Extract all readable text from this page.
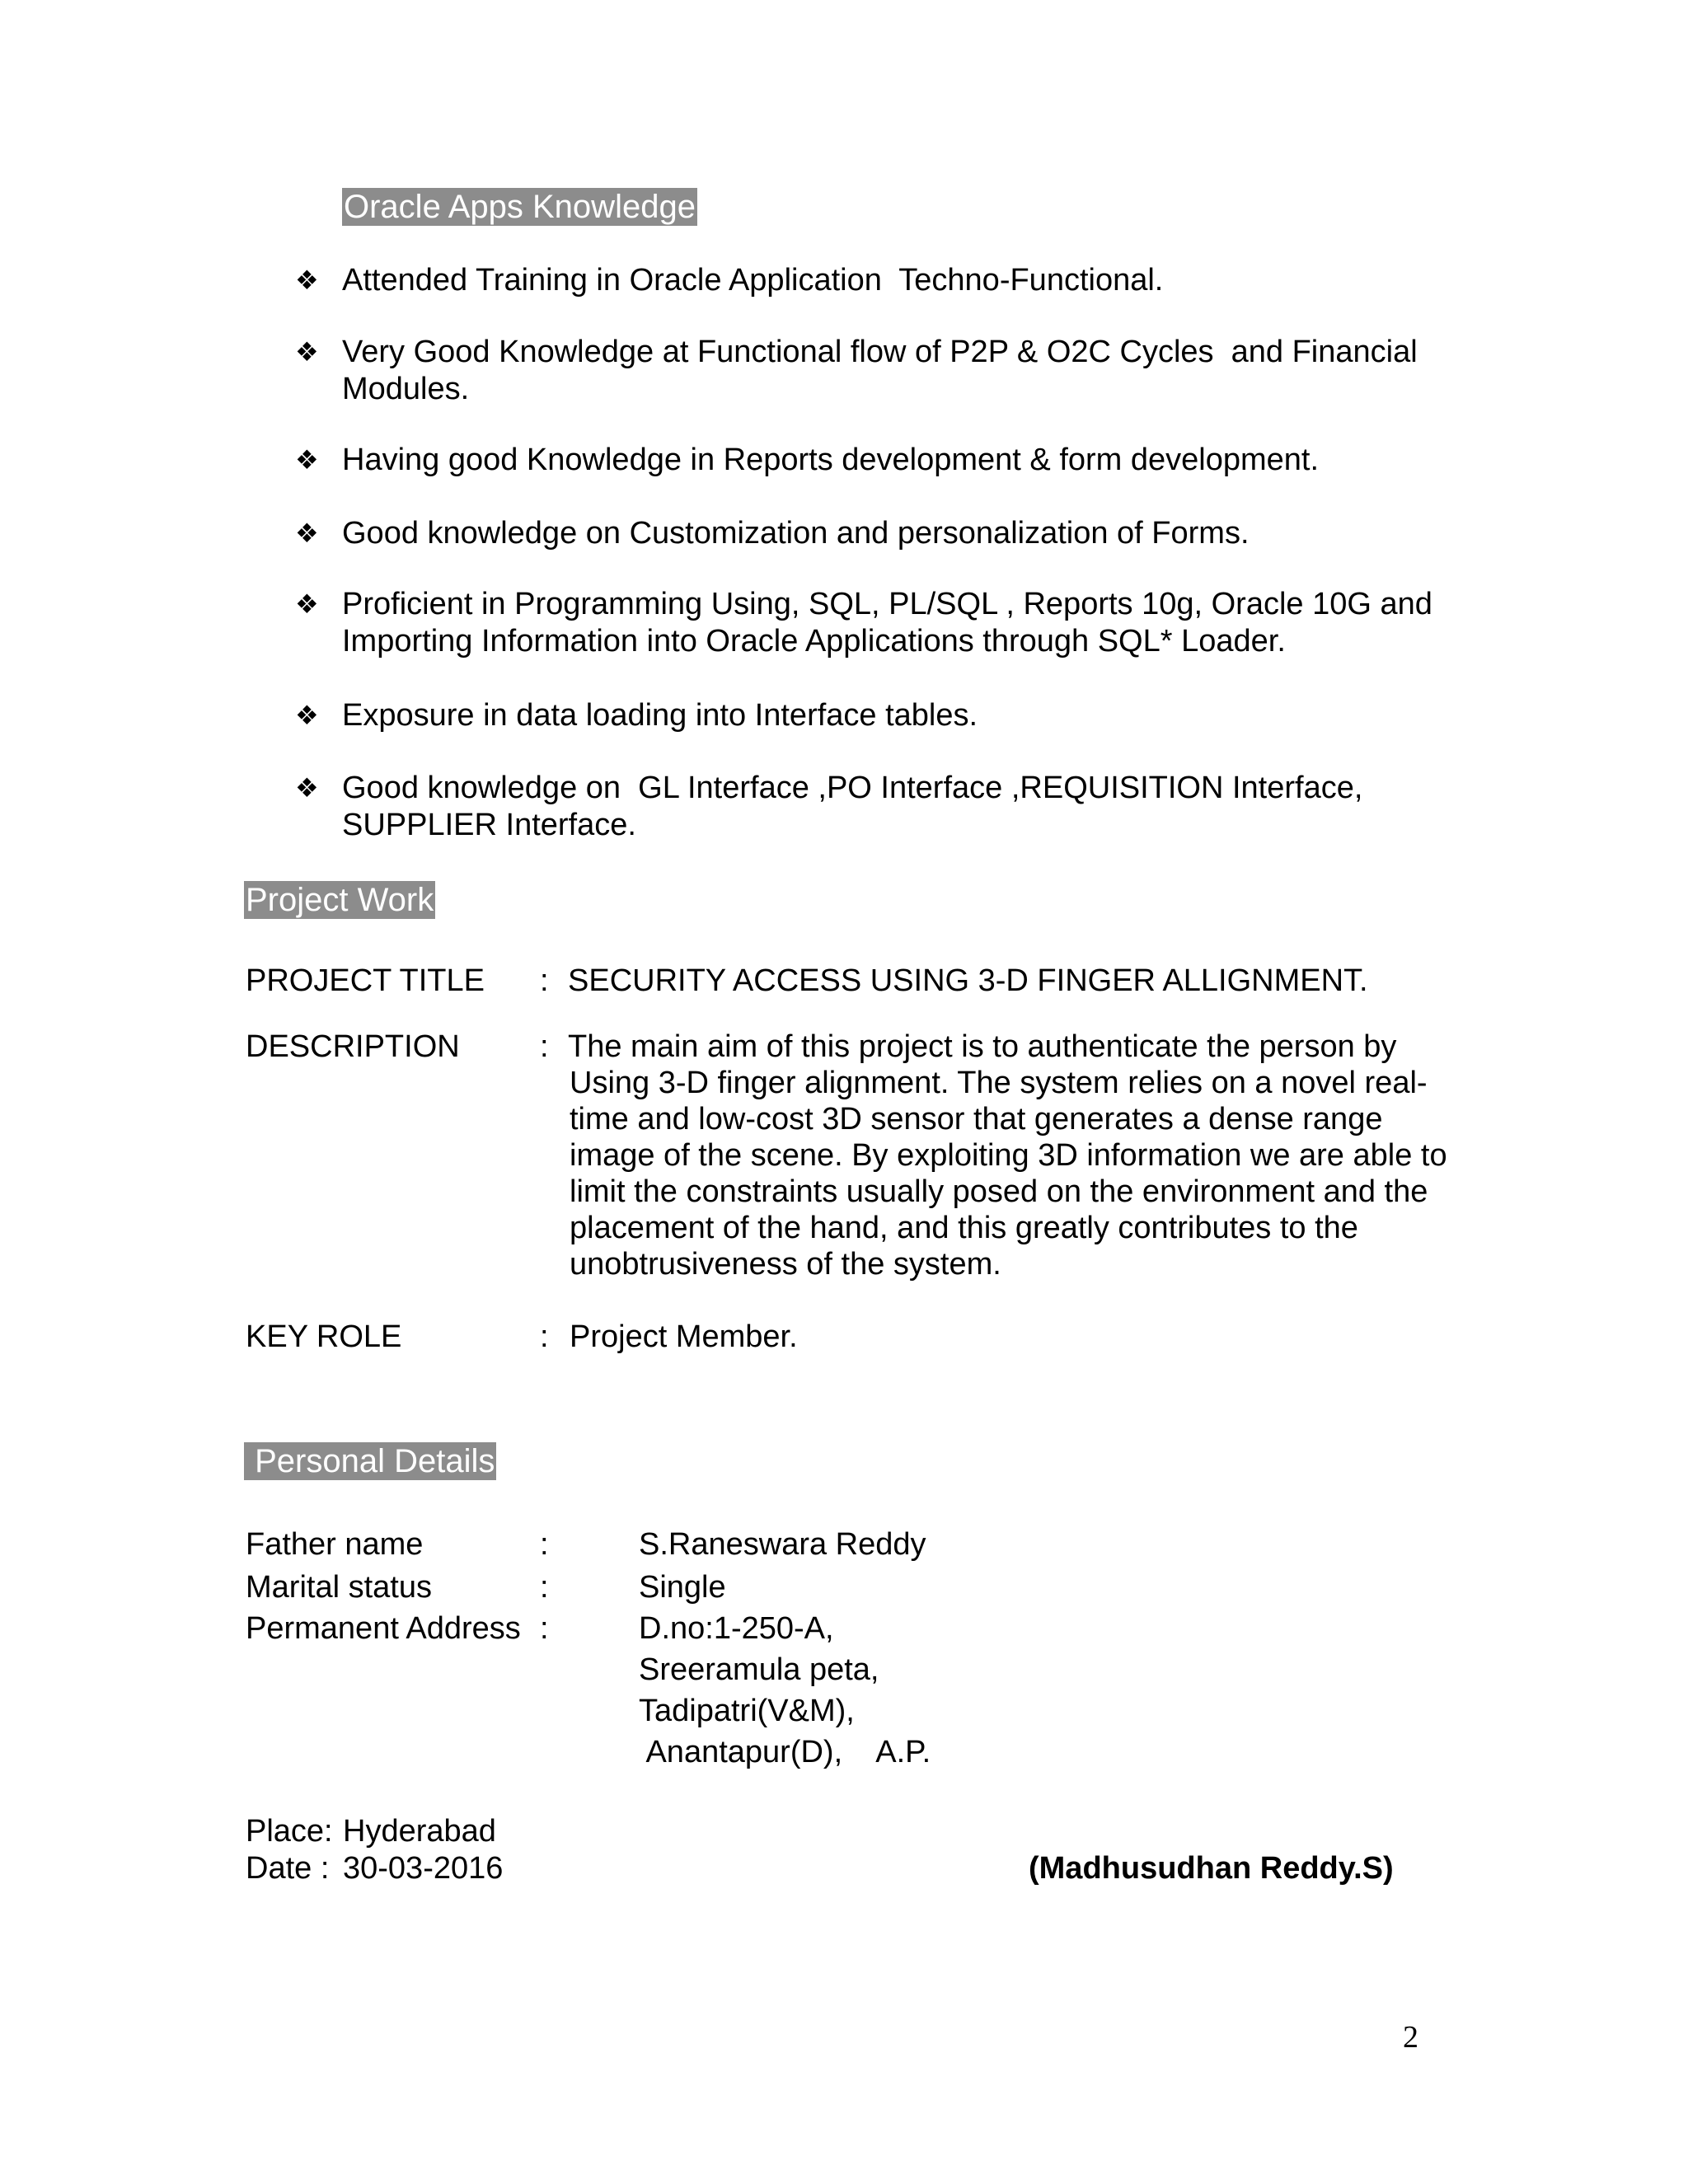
Oracle Apps Knowledge
❖ Attended Training in Oracle Application  Techno-Functional.
❖ Very Good Knowledge at Functional flow of P2P & O2C Cycles  and Financial
Modules.
❖ Having good Knowledge in Reports development & form development.
❖ Good knowledge on Customization and personalization of Forms.
❖ Proficient in Programming Using, SQL, PL/SQL , Reports 10g, Oracle 10G and
Importing Information into Oracle Applications through SQL* Loader.
❖ Exposure in data loading into Interface tables.
❖ Good knowledge on  GL Interface ,PO Interface ,REQUISITION Interface,
SUPPLIER Interface.
Project Work
PROJECT TITLE : SECURITY ACCESS USING 3-D FINGER ALLIGNMENT.
DESCRIPTION	: The main aim of this project is to authenticate the person by
Using 3-D finger alignment. The system relies on a novel real-
time and low-cost 3D sensor that generates a dense range
image of the scene. By exploiting 3D information we are able to
limit the constraints usually posed on the environment and the
placement of the hand, and this greatly contributes to the
unobtrusiveness of the system.
KEY ROLE	: Project Member.
Personal Details
Father name	:	S.Raneswara Reddy
Marital status	:	Single
Permanent Address :	D.no:1-250-A,
Sreeramula peta,
Tadipatri(V&M),
Anantapur(D),    A.P.
Place: Hyderabad
Date : 30-03-2016	(Madhusudhan Reddy.S)
2
